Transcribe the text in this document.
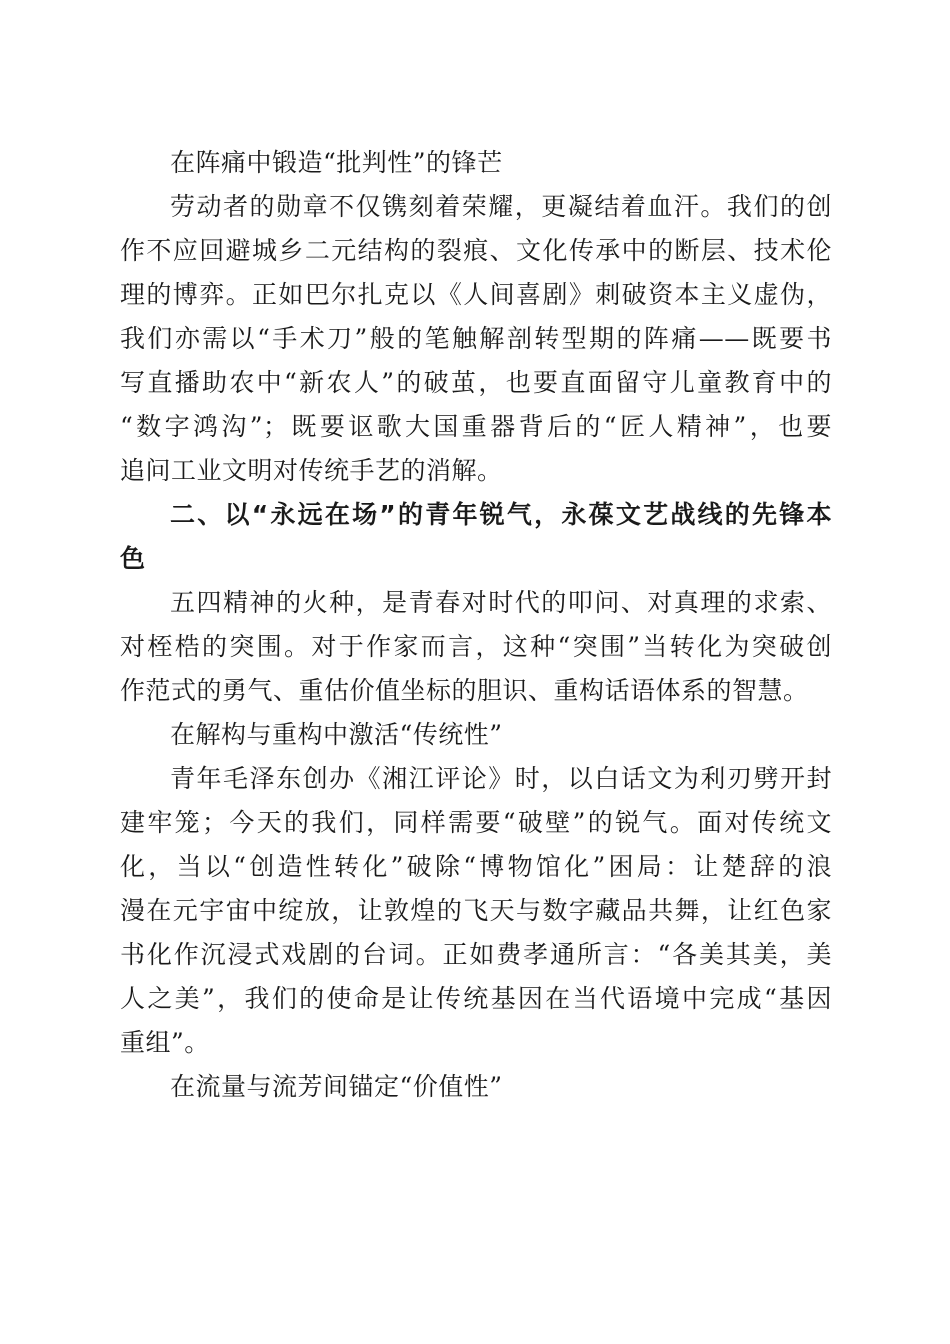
在阵痛中锻造“批判性”的锋芒
劳动者的勋章不仅镌刻着荣耀，更凝结着血汗。我们的创
作不应回避城乡二元结构的裂痕、文化传承中的断层、技术伦
理的博弈。正如巴尔扎克以《人间喜剧》刺破资本主义虚伪，
我们亦需以“手术刀”般的笔触解剖转型期的阵痛——既要书
写直播助农中“新农人”的破茧，也要直面留守儿童教育中的
“数字鸿沟”；既要讴歌大国重器背后的“匠人精神”，也要
追问工业文明对传统手艺的消解。
二、以“永远在场”的青年锐气，永葆文艺战线的先锋本
色
五四精神的火种，是青春对时代的叩问、对真理的求索、
对桎梏的突围。对于作家而言，这种“突围”当转化为突破创
作范式的勇气、重估价值坐标的胆识、重构话语体系的智慧。
在解构与重构中激活“传统性”
青年毛泽东创办《湘江评论》时，以白话文为利刃劈开封
建牢笼；今天的我们，同样需要“破壁”的锐气。面对传统文
化，当以“创造性转化”破除“博物馆化”困局：让楚辞的浪
漫在元宇宙中绽放，让敦煌的飞天与数字藏品共舞，让红色家
书化作沉浸式戏剧的台词。正如费孝通所言：“各美其美，美
人之美”，我们的使命是让传统基因在当代语境中完成“基因
重组”。
在流量与流芳间锚定“价值性”
